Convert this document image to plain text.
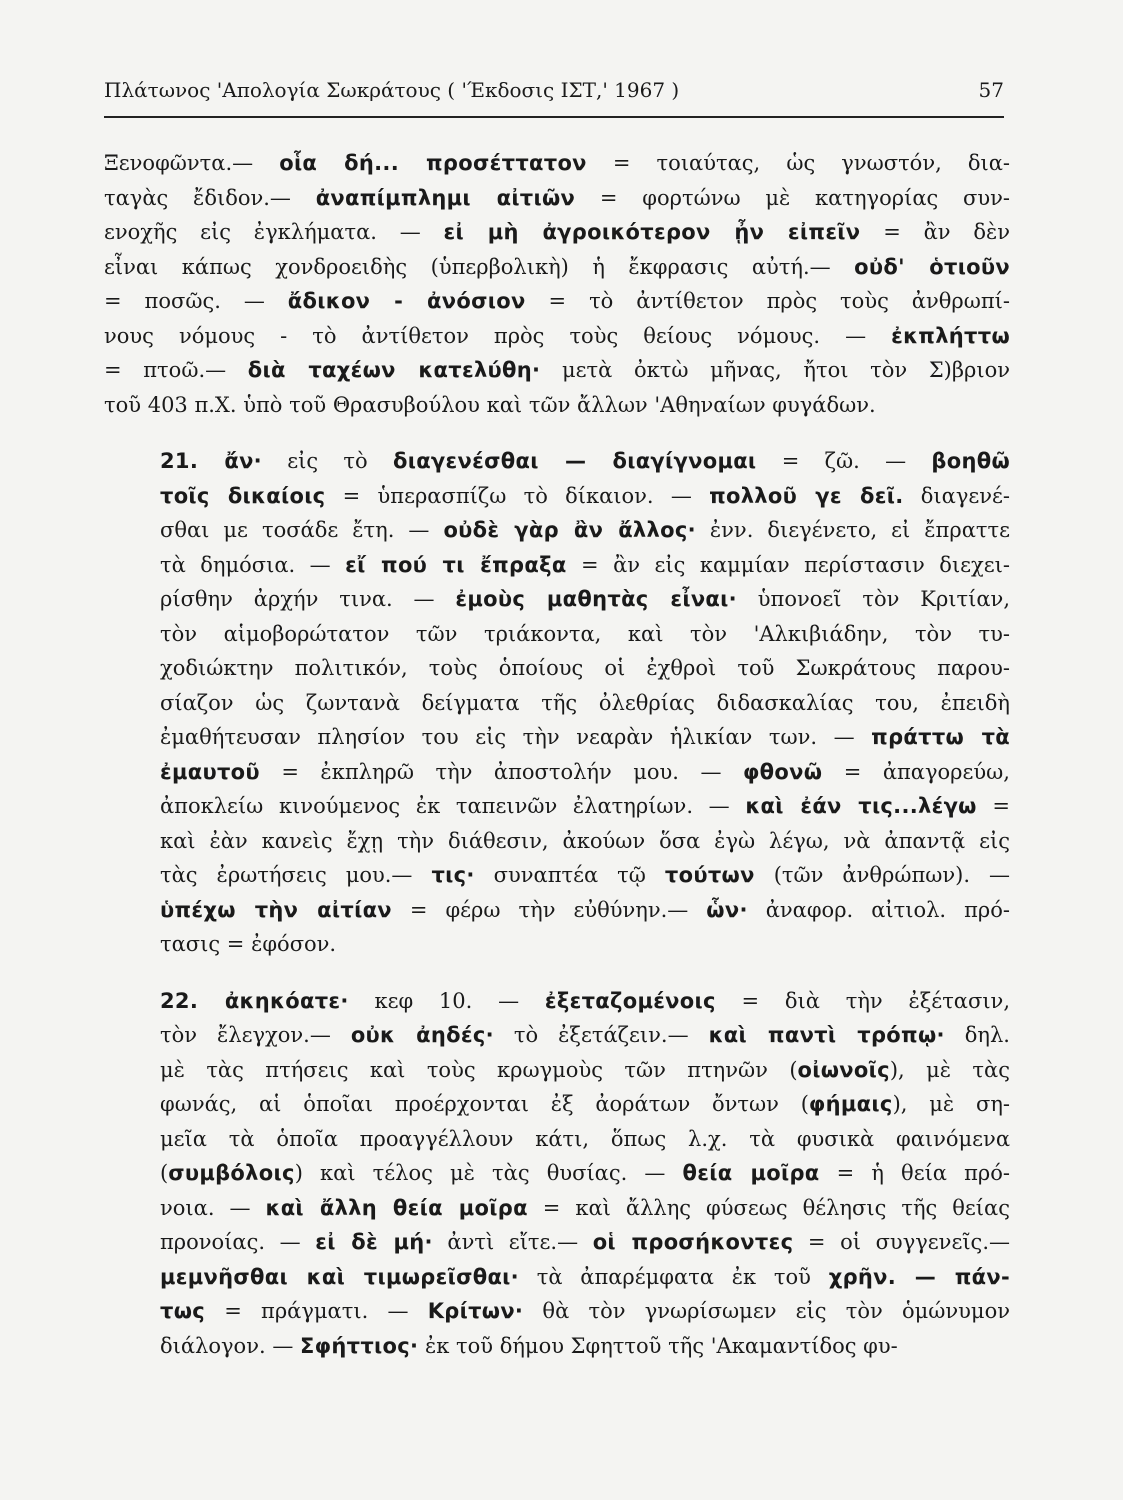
Πλάτωνος 'Απολογία Σωκράτους ( 'Έκδοσις ΙΣΤ,' 1967 )	57
Ξενοφῶντα.— οἷα δή... προσέττατον = τοιαύτας, ὡς γνωστόν, δια-
ταγὰς ἔδιδον.— ἀναπίμπλημι αἰτιῶν = φορτώνω μὲ κατηγορίας συν-
ενοχῆς εἰς ἐγκλήματα. — εἰ μὴ ἀγροικότερον ᾖν εἰπεῖν = ἂν δὲν
εἶναι κάπως χονδροειδὴς (ὑπερβολικὴ) ἡ ἔκφρασις αὐτή.— οὐδ' ὁτιοῦν
= ποσῶς. — ἄδικον - ἀνόσιον = τὸ ἀντίθετον πρὸς τοὺς ἀνθρωπί-
νους νόμους - τὸ ἀντίθετον πρὸς τοὺς θείους νόμους. — ἐκπλήττω
= πτοῶ.— διὰ ταχέων κατελύθη· μετὰ ὀκτὼ μῆνας, ἤτοι τὸν Σ)βριον
τοῦ 403 π.Χ. ὑπὸ τοῦ Θρασυβούλου καὶ τῶν ἄλλων 'Αθηναίων φυγάδων.
21. ἄν· εἰς τὸ διαγενέσθαι — διαγίγνομαι = ζῶ. — βοηθῶ
τοῖς δικαίοις = ὑπερασπίζω τὸ δίκαιον. — πολλοῦ γε δεῖ. διαγενέ-
σθαι με τοσάδε ἔτη. — οὐδὲ γὰρ ἂν ἄλλος· ἐνν. διεγένετο, εἰ ἔπραττε
τὰ δημόσια. — εἴ πού τι ἔπραξα = ἂν εἰς καμμίαν περίστασιν διεχει-
ρίσθην ἀρχήν τινα. — ἐμοὺς μαθητὰς εἶναι· ὑπονοεῖ τὸν Κριτίαν,
τὸν αἱμοβορώτατον τῶν τριάκοντα, καὶ τὸν 'Αλκιβιάδην, τὸν τυ-
χοδιώκτην πολιτικόν, τοὺς ὁποίους οἱ ἐχθροὶ τοῦ Σωκράτους παρου-
σίαζον ὡς ζωντανὰ δείγματα τῆς ὀλεθρίας διδασκαλίας του, ἐπειδὴ
ἐμαθήτευσαν πλησίον του εἰς τὴν νεαρὰν ἡλικίαν των. — πράττω τὰ
ἐμαυτοῦ = ἐκπληρῶ τὴν ἀποστολήν μου. — φθονῶ = ἀπαγορεύω,
ἀποκλείω κινούμενος ἐκ ταπεινῶν ἐλατηρίων. — καὶ ἐάν τις...λέγω =
καὶ ἐὰν κανεὶς ἔχῃ τὴν διάθεσιν, ἀκούων ὅσα ἐγὼ λέγω, νὰ ἀπαντᾷ εἰς
τὰς ἐρωτήσεις μου.— τις· συναπτέα τῷ τούτων (τῶν ἀνθρώπων). —
ὑπέχω τὴν αἰτίαν = φέρω τὴν εὐθύνην.— ὧν· ἀναφορ. αἰτιολ. πρό-
τασις = ἐφόσον.
22. ἀκηκόατε· κεφ 10. — ἐξεταζομένοις = διὰ τὴν ἐξέτασιν,
τὸν ἔλεγχον.— οὐκ ἀηδές· τὸ ἐξετάζειν.— καὶ παντὶ τρόπῳ· δηλ.
μὲ τὰς πτήσεις καὶ τοὺς κρωγμοὺς τῶν πτηνῶν (οἰωνοῖς), μὲ τὰς
φωνάς, αἱ ὁποῖαι προέρχονται ἐξ ἀοράτων ὄντων (φήμαις), μὲ ση-
μεῖα τὰ ὁποῖα προαγγέλλουν κάτι, ὅπως λ.χ. τὰ φυσικὰ φαινόμενα
(συμβόλοις) καὶ τέλος μὲ τὰς θυσίας. — θεία μοῖρα = ἡ θεία πρό-
νοια. — καὶ ἄλλη θεία μοῖρα = καὶ ἄλλης φύσεως θέλησις τῆς θείας
προνοίας. — εἰ δὲ μή· ἀντὶ εἴτε.— οἱ προσήκοντες = οἱ συγγενεῖς.—
μεμνῆσθαι καὶ τιμωρεῖσθαι· τὰ ἀπαρέμφατα ἐκ τοῦ χρῆν. — πάν-
τως = πράγματι. — Κρίτων· θὰ τὸν γνωρίσωμεν εἰς τὸν ὁμώνυμον
διάλογον. — Σφήττιος· ἐκ τοῦ δήμου Σφηττοῦ τῆς 'Ακαμαντίδος φυ-
